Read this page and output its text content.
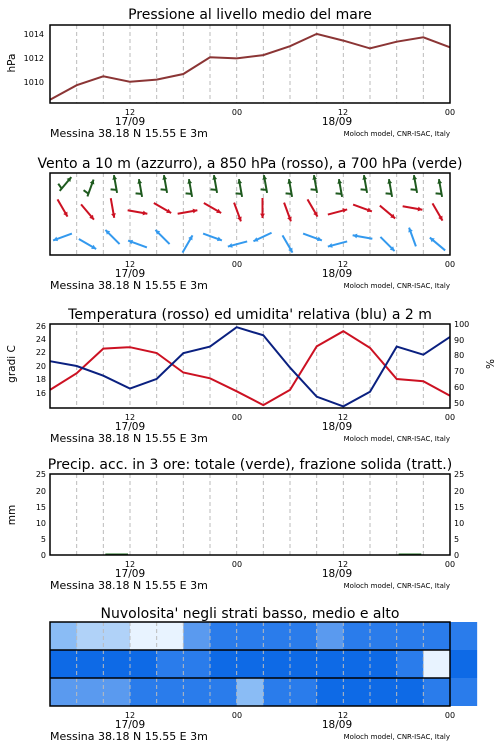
Pressione al livello medio del mare
1014
1012
1010
hPa
12	00	12	00
17/09	18/09
Messina 38.18 N 15.55 E 3m	Moloch model, CNR-ISAC, Italy
Vento a 10 m (azzurro), a 850 hPa (rosso), a 700 hPa (verde)
12	00	12	00
17/09	18/09
Messina 38.18 N 15.55 E 3m	Moloch model, CNR-ISAC, Italy
Temperatura (rosso) ed umidita' relativa (blu) a 2 m
26
24
22
20
18
16
100
90
80
70
60
50
gradi C	%
12	00	12	00
17/09	18/09
Messina 38.18 N 15.55 E 3m	Moloch model, CNR-ISAC, Italy
Precip. acc. in 3 ore: totale (verde), frazione solida (tratt.)
25
20
15
10
5
0
25
20
15
10
5
0
mm
12	00	12	00
17/09	18/09
Messina 38.18 N 15.55 E 3m	Moloch model, CNR-ISAC, Italy
Nuvolosita' negli strati basso, medio e alto
12	00	12	00
17/09	18/09
Messina 38.18 N 15.55 E 3m	Moloch model, CNR-ISAC, Italy
